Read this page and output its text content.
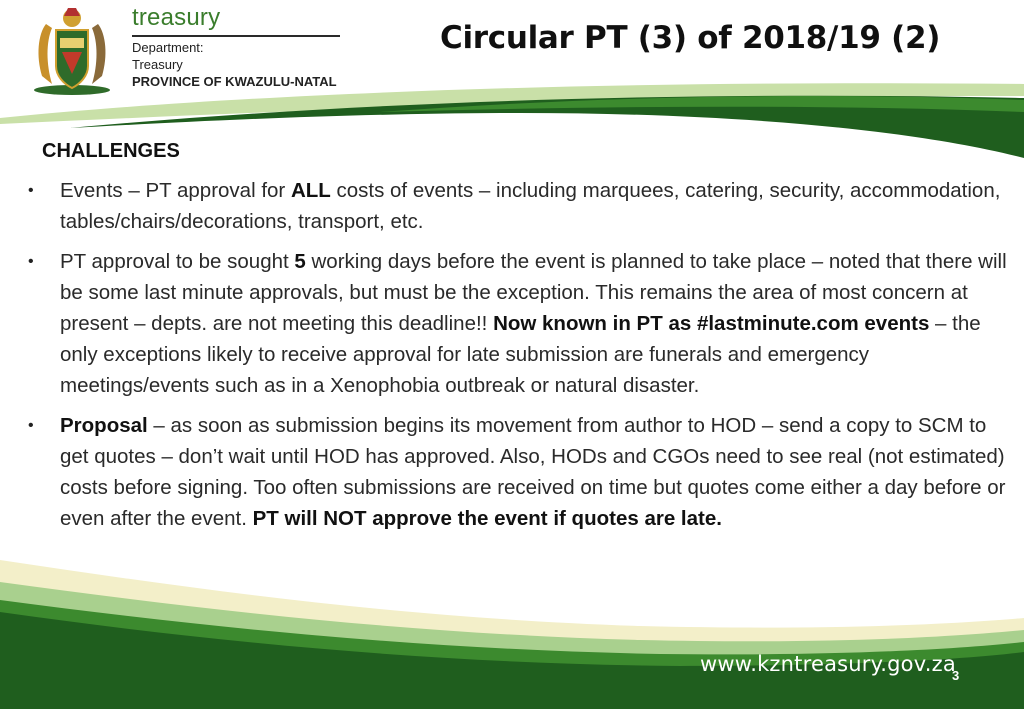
treasury
Department:
Treasury
PROVINCE OF KWAZULU-NATAL
Circular PT (3) of 2018/19 (2)
CHALLENGES
• Events – PT approval for ALL costs of events – including marquees, catering, security, accommodation, tables/chairs/decorations, transport, etc.
• PT approval to be sought 5 working days before the event is planned to take place – noted that there will be some last minute approvals, but must be the exception. This remains the area of most concern at present – depts. are not meeting this deadline!! Now known in PT as #lastminute.com events – the only exceptions likely to receive approval for late submission are funerals and emergency meetings/events such as in a Xenophobia outbreak or natural disaster.
• Proposal – as soon as submission begins its movement from author to HOD – send a copy to SCM to get quotes – don’t wait until HOD has approved. Also, HODs and CGOs need to see real (not estimated) costs before signing. Too often submissions are received on time but quotes come either a day before or even after the event. PT will NOT approve the event if quotes are late.
www.kzntreasury.gov.za
3
